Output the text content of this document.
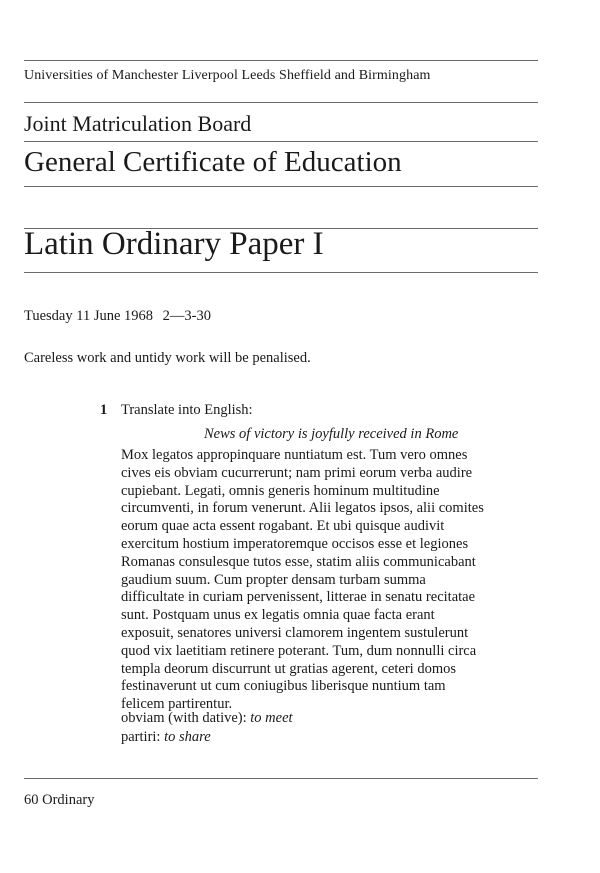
Universities of Manchester Liverpool Leeds Sheffield and Birmingham
Joint Matriculation Board
General Certificate of Education
Latin Ordinary Paper I
Tuesday 11 June 1968 2—3-30
Careless work and untidy work will be penalised.
1 Translate into English:
News of victory is joyfully received in Rome
Mox legatos appropinquare nuntiatum est. Tum vero omnes
cives eis obviam cucurrerunt; nam primi eorum verba audire
cupiebant. Legati, omnis generis hominum multitudine
circumventi, in forum venerunt. Alii legatos ipsos, alii comites
eorum quae acta essent rogabant. Et ubi quisque audivit
exercitum hostium imperatoremque occisos esse et legiones
Romanas consulesque tutos esse, statim aliis communicabant
gaudium suum. Cum propter densam turbam summa
difficultate in curiam pervenissent, litterae in senatu recitatae
sunt. Postquam unus ex legatis omnia quae facta erant
exposuit, senatores universi clamorem ingentem sustulerunt
quod vix laetitiam retinere poterant. Tum, dum nonnulli circa
templa deorum discurrunt ut gratias agerent, ceteri domos
festinaverunt ut cum coniugibus liberisque nuntium tam
felicem partirentur.
obviam (with dative): to meet
partiri: to share
60 Ordinary
